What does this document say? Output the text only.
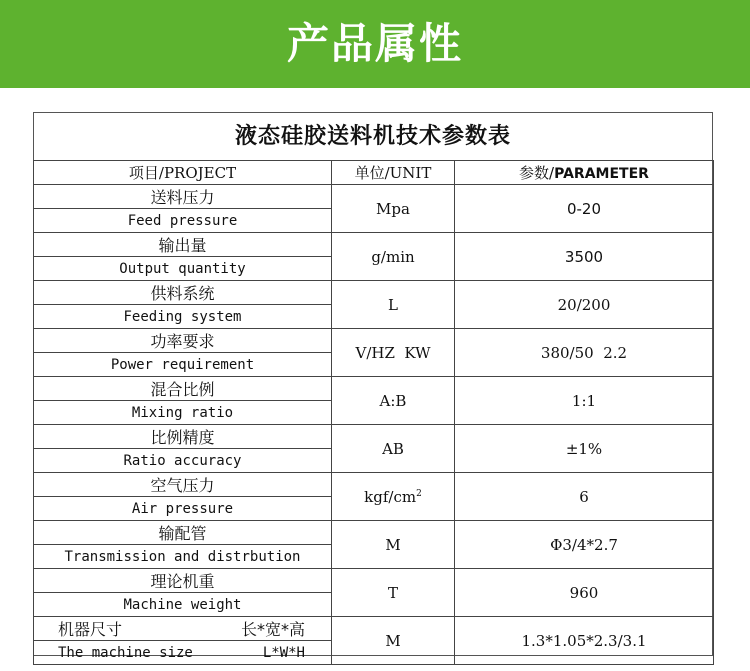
产品属性
液态硅胶送料机技术参数表
项目/PROJECT	单位/UNIT	参数/PARAMETER
送料压力	Mpa	0-20
Feed pressure		
输出量	g/min	3500
Output quantity		
供料系统	L	20/200
Feeding system		
功率要求	V/HZ  KW	380/50  2.2
Power requirement		
混合比例	A:B	1:1
Mixing ratio		
比例精度	AB	±1%
Ratio accuracy		
空气压力	kgf/$cm^2$	6
Air pressure		
输配管	M	Φ3/4*2.7
Transmission and distrbution		
理论机重	T	960
Machine weight		

机器尺寸 长*宽*高	M	1.3*1.05*2.3/3.1

The machine size L*W*H		
